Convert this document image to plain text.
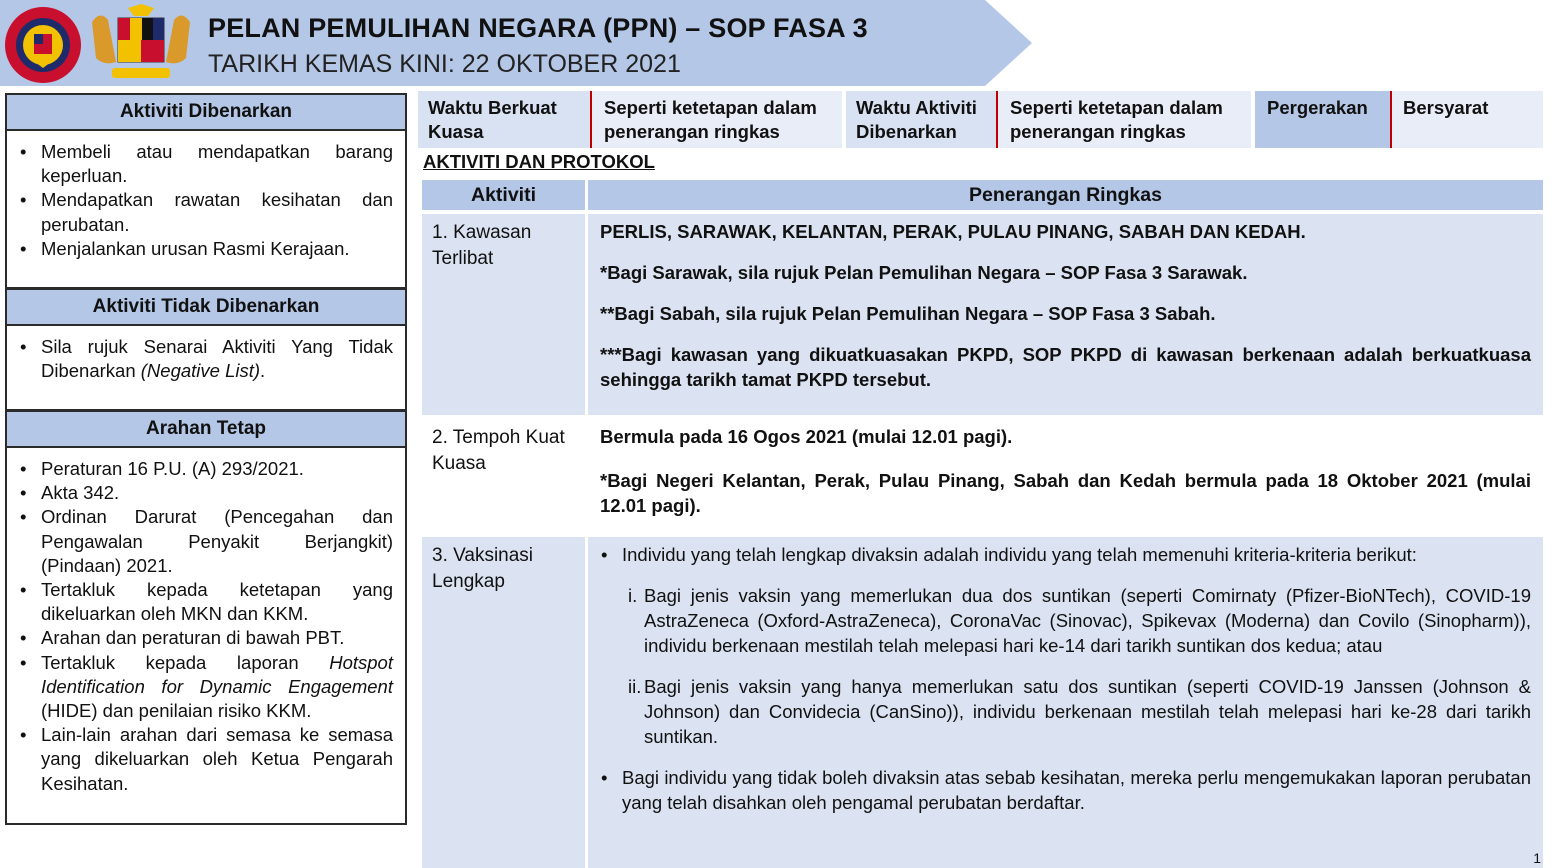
PELAN PEMULIHAN NEGARA (PPN) – SOP FASA 3
TARIKH KEMAS KINI: 22 OKTOBER 2021
Aktiviti Dibenarkan
• Membeli atau mendapatkan barang keperluan.
• Mendapatkan rawatan kesihatan dan perubatan.
• Menjalankan urusan Rasmi Kerajaan.
Aktiviti Tidak Dibenarkan
• Sila rujuk Senarai Aktiviti Yang Tidak Dibenarkan (Negative List).
Arahan Tetap
• Peraturan 16 P.U. (A) 293/2021.
• Akta 342.
• Ordinan Darurat (Pencegahan dan Pengawalan Penyakit Berjangkit) (Pindaan) 2021.
• Tertakluk kepada ketetapan yang dikeluarkan oleh MKN dan KKM.
• Arahan dan peraturan di bawah PBT.
• Tertakluk kepada laporan Hotspot Identification for Dynamic Engagement (HIDE) dan penilaian risiko KKM.
• Lain-lain arahan dari semasa ke semasa yang dikeluarkan oleh Ketua Pengarah Kesihatan.
Waktu Berkuat Kuasa
Seperti ketetapan dalam penerangan ringkas
Waktu Aktiviti Dibenarkan
Seperti ketetapan dalam penerangan ringkas
Pergerakan	Bersyarat
AKTIVITI DAN PROTOKOL
Aktiviti	Penerangan Ringkas
1. Kawasan Terlibat
PERLIS, SARAWAK, KELANTAN, PERAK, PULAU PINANG, SABAH DAN KEDAH.
*Bagi Sarawak, sila rujuk Pelan Pemulihan Negara – SOP Fasa 3 Sarawak.
**Bagi Sabah, sila rujuk Pelan Pemulihan Negara – SOP Fasa 3 Sabah.
***Bagi kawasan yang dikuatkuasakan PKPD, SOP PKPD di kawasan berkenaan adalah berkuatkuasa sehingga tarikh tamat PKPD tersebut.
2. Tempoh Kuat Kuasa
Bermula pada 16 Ogos 2021 (mulai 12.01 pagi).
*Bagi Negeri Kelantan, Perak, Pulau Pinang, Sabah dan Kedah bermula pada 18 Oktober 2021 (mulai 12.01 pagi).
3. Vaksinasi Lengkap
• Individu yang telah lengkap divaksin adalah individu yang telah memenuhi kriteria-kriteria berikut:
i. Bagi jenis vaksin yang memerlukan dua dos suntikan (seperti Comirnaty (Pfizer-BioNTech), COVID-19 AstraZeneca (Oxford-AstraZeneca), CoronaVac (Sinovac), Spikevax (Moderna) dan Covilo (Sinopharm)), individu berkenaan mestilah telah melepasi hari ke-14 dari tarikh suntikan dos kedua; atau
ii. Bagi jenis vaksin yang hanya memerlukan satu dos suntikan (seperti COVID-19 Janssen (Johnson & Johnson) dan Convidecia (CanSino)), individu berkenaan mestilah telah melepasi hari ke-28 dari tarikh suntikan.
• Bagi individu yang tidak boleh divaksin atas sebab kesihatan, mereka perlu mengemukakan laporan perubatan yang telah disahkan oleh pengamal perubatan berdaftar.
1
